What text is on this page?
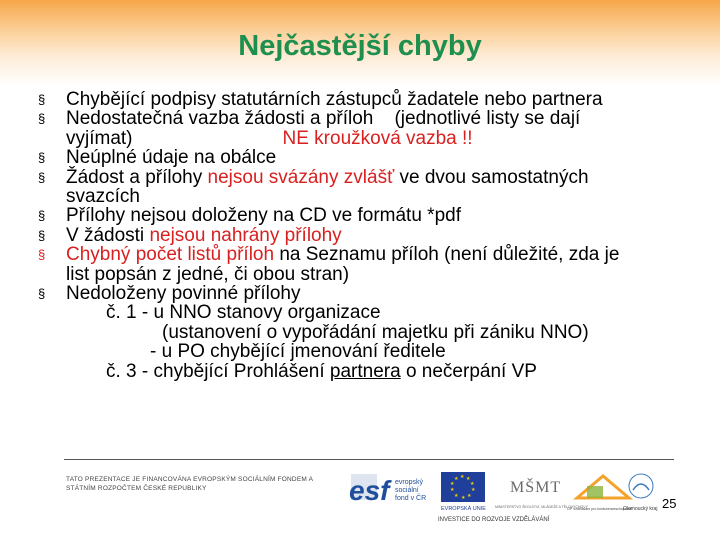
Nejčastější chyby
§ Chybějící podpisy statutárních zástupců žadatele nebo partnera
§ Nedostatečná vazba žádosti a příloh    (jednotlivé listy se dají
vyjímat)	NE kroužková vazba !!
§ Neúplné údaje na obálce
§ Žádost a přílohy nejsou svázány zvlášť ve dvou samostatných
svazcích
§ Přílohy nejsou doloženy na CD ve formátu *pdf
§ V žádosti nejsou nahrány přílohy
§ Chybný počet listů příloh na Seznamu příloh (není důležité, zda je
list popsán z jedné, či obou stran)
§ Nedoloženy povinné přílohy
č. 1 - u NNO stanovy organizace
(ustanovení o vypořádání majetku při zániku NNO)
- u PO chybějící jmenování ředitele
č. 3 - chybějící Prohlášení partnera o nečerpání VP
TATO PREZENTACE JE FINANCOVÁNA EVROPSKÝM SOCIÁLNÍM FONDEM A STÁTNÍM ROZPOČTEM ČESKÉ REPUBLIKY	esf evropský
sociální
fond v ČR
★ ★
★
★
★
★
★
★
★
★
EVROPSKÁ UNIE
MŠMT
MINISTERSTVO ŠKOLSTVÍ, MLÁDEŽE A TĚLOVÝCHOVY
OP Vzdělávání pro konkurenceschopnost
Olomoucký kraj
INVESTICE DO ROZVOJE VZDĚLÁVÁNÍ
25
